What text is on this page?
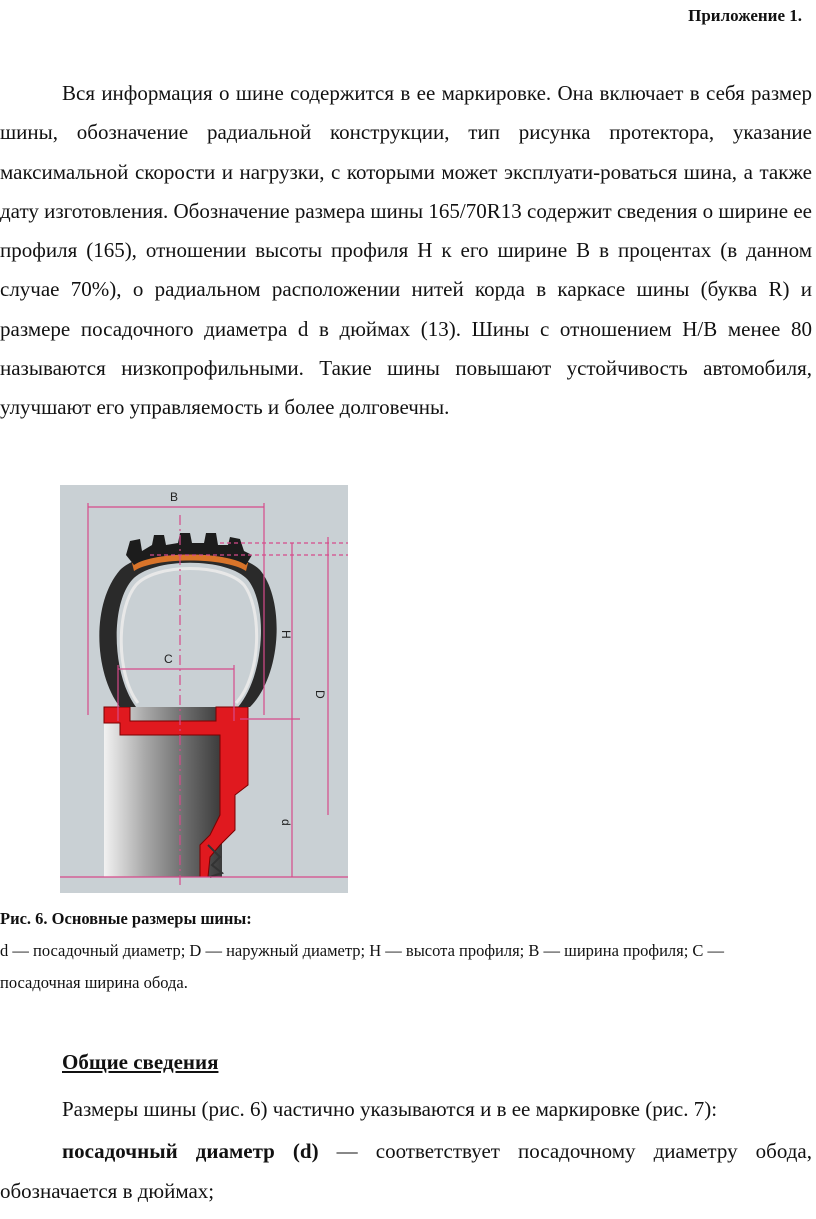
Приложение 1.

Вся информация о шине содержится в ее маркировке. Она включает в себя размер шины, обозначение радиальной конструкции, тип рисунка протектора, указание максимальной скорости и нагрузки, с которыми может эксплуати-роваться шина, а также дату изготовления. Обозначение размера шины 165/70R13 содержит сведения о ширине ее профиля (165), отношении высоты профиля H к его ширине B в процентах (в данном случае 70%), о радиальном расположении нитей корда в каркасе шины (буква R) и размере посадочного диаметра d в дюймах (13). Шины с отношением H/B менее 80 называются низкопрофильными. Такие шины повышают устойчивость автомобиля, улучшают его управляемость и более долговечны.

B
C
H
D
d
Рис. 6. Основные размеры шины:
d — посадочный диаметр; D — наружный диаметр; H — высота профиля; B — ширина профиля; C — посадочная ширина обода.
Общие сведения

Размеры шины (рис. 6) частично указываются и в ее маркировке (рис. 7):

посадочный диаметр (d) — соответствует посадочному диаметру обода, обозначается в дюймах;
